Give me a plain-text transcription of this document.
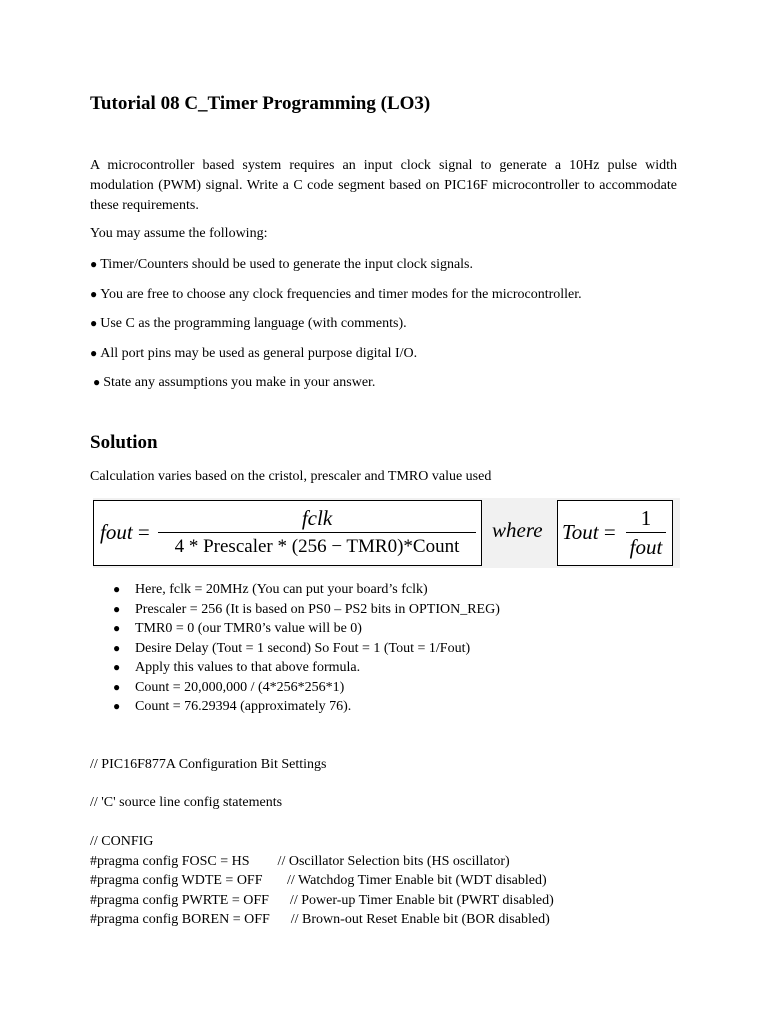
Tutorial 08 C_Timer Programming (LO3)

A microcontroller based system requires an input clock signal to generate a 10Hz pulse width modulation (PWM) signal. Write a C code segment based on PIC16F microcontroller to accommodate these requirements.

You may assume the following:

● Timer/Counters should be used to generate the input clock signals.
● You are free to choose any clock frequencies and timer modes for the microcontroller.
● Use C as the programming language (with comments).
● All port pins may be used as general purpose digital I/O.
● State any assumptions you make in your answer.
Solution

Calculation varies based on the cristol, prescaler and TMRO value used

fout =
fclk
4 * Prescaler * (256 − TMR0)*Count
where Tout =
1
fout
● Here, fclk = 20MHz (You can put your board’s fclk)
● Prescaler = 256 (It is based on PS0 – PS2 bits in OPTION_REG)
● TMR0 = 0 (our TMR0’s value will be 0)
● Desire Delay (Tout = 1 second) So Fout = 1 (Tout = 1/Fout)
● Apply this values to that above formula.
● Count = 20,000,000 / (4*256*256*1)
● Count = 76.29394 (approximately 76).

// PIC16F877A Configuration Bit Settings

// 'C' source line config statements

// CONFIG
#pragma config FOSC = HS        // Oscillator Selection bits (HS oscillator)
#pragma config WDTE = OFF       // Watchdog Timer Enable bit (WDT disabled)
#pragma config PWRTE = OFF      // Power-up Timer Enable bit (PWRT disabled)
#pragma config BOREN = OFF      // Brown-out Reset Enable bit (BOR disabled)
